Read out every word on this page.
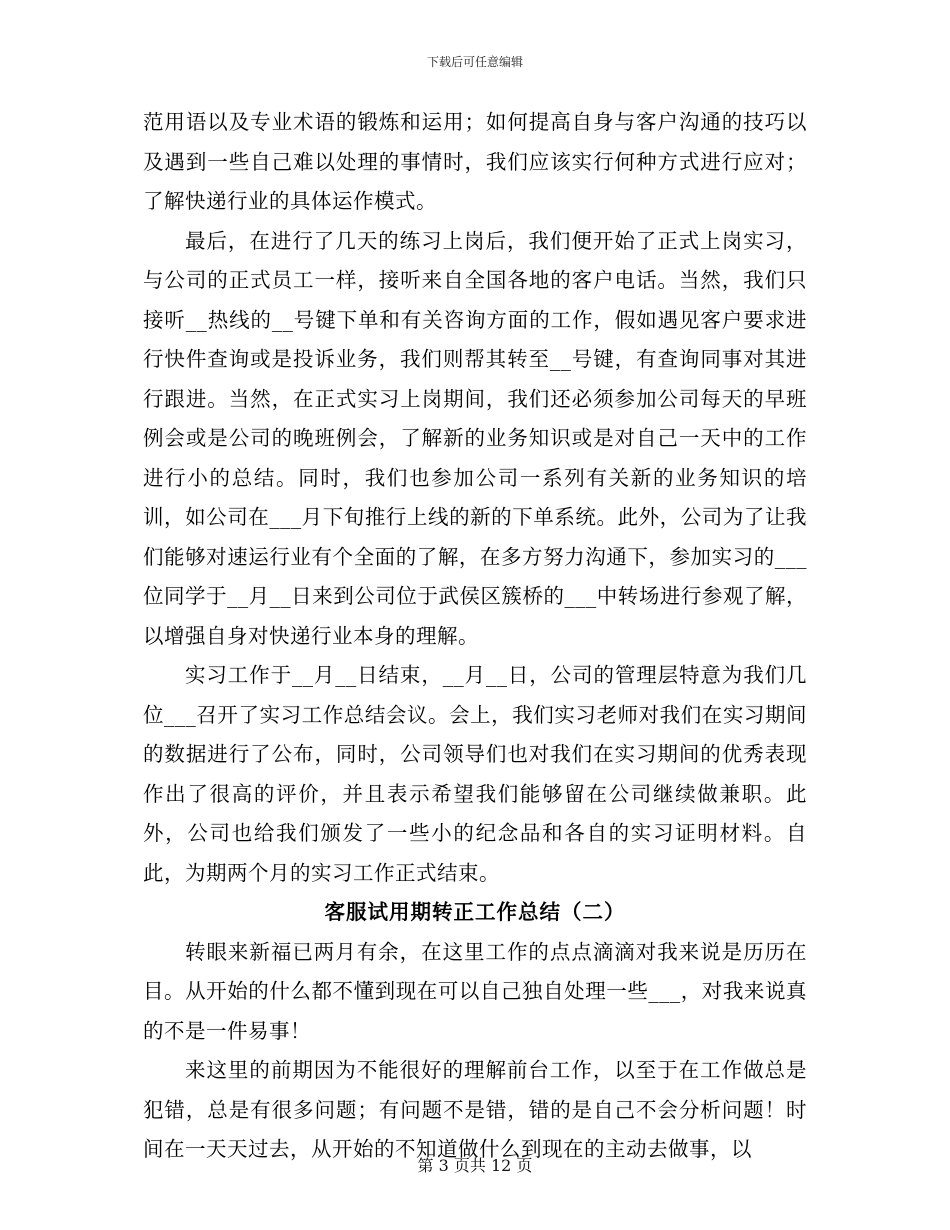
下载后可任意编辑

范用语以及专业术语的锻炼和运用；如何提高自身与客户沟通的技巧以及遇到一些自己难以处理的事情时，我们应该实行何种方式进行应对；了解快递行业的具体运作模式。

最后，在进行了几天的练习上岗后，我们便开始了正式上岗实习，与公司的正式员工一样，接听来自全国各地的客户电话。当然，我们只接听__热线的__号键下单和有关咨询方面的工作，假如遇见客户要求进行快件查询或是投诉业务，我们则帮其转至__号键，有查询同事对其进行跟进。当然，在正式实习上岗期间，我们还必须参加公司每天的早班例会或是公司的晚班例会，了解新的业务知识或是对自己一天中的工作进行小的总结。同时，我们也参加公司一系列有关新的业务知识的培训，如公司在___月下旬推行上线的新的下单系统。此外，公司为了让我们能够对速运行业有个全面的了解，在多方努力沟通下，参加实习的___位同学于__月__日来到公司位于武侯区簇桥的___中转场进行参观了解，以增强自身对快递行业本身的理解。

实习工作于__月__日结束，__月__日，公司的管理层特意为我们几位___召开了实习工作总结会议。会上，我们实习老师对我们在实习期间的数据进行了公布，同时，公司领导们也对我们在实习期间的优秀表现作出了很高的评价，并且表示希望我们能够留在公司继续做兼职。此外，公司也给我们颁发了一些小的纪念品和各自的实习证明材料。自此，为期两个月的实习工作正式结束。

客服试用期转正工作总结（二）

转眼来新福已两月有余，在这里工作的点点滴滴对我来说是历历在目。从开始的什么都不懂到现在可以自己独自处理一些___，对我来说真的不是一件易事！

来这里的前期因为不能很好的理解前台工作，以至于在工作做总是犯错，总是有很多问题；有问题不是错，错的是自己不会分析问题！时间在一天天过去，从开始的不知道做什么到现在的主动去做事，以

第 3 页共 12 页
